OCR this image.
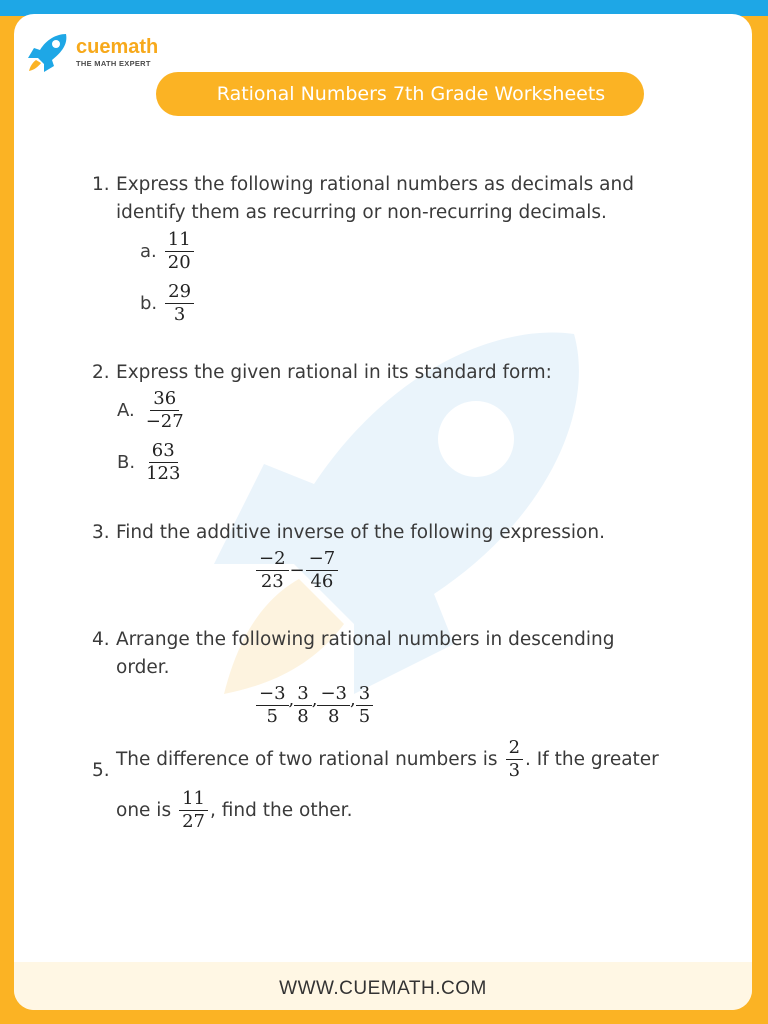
cuemath
THE MATH EXPERT
Rational Numbers 7th Grade Worksheets
1. Express the following rational numbers as decimals and
identify them as recurring or non-recurring decimals.
a. $\frac{11}{20}$
b. $\frac{29}{3}$
2. Express the given rational in its standard form:
A. $\frac{36}{-27}$
B. $\frac{63}{123}$
3. Find the additive inverse of the following expression.
$\frac{-2}{23} - \frac{-7}{46}$
4. Arrange the following rational numbers in descending
order.
$\frac{-3}{5}$ , $\frac{3}{8}$ , $\frac{-3}{8}$ , $\frac{3}{5}$
5.
The difference of two rational numbers is $\frac{2}{3}$ . If the greater
one is $\frac{11}{27}$ , find the other.
WWW.CUEMATH.COM
